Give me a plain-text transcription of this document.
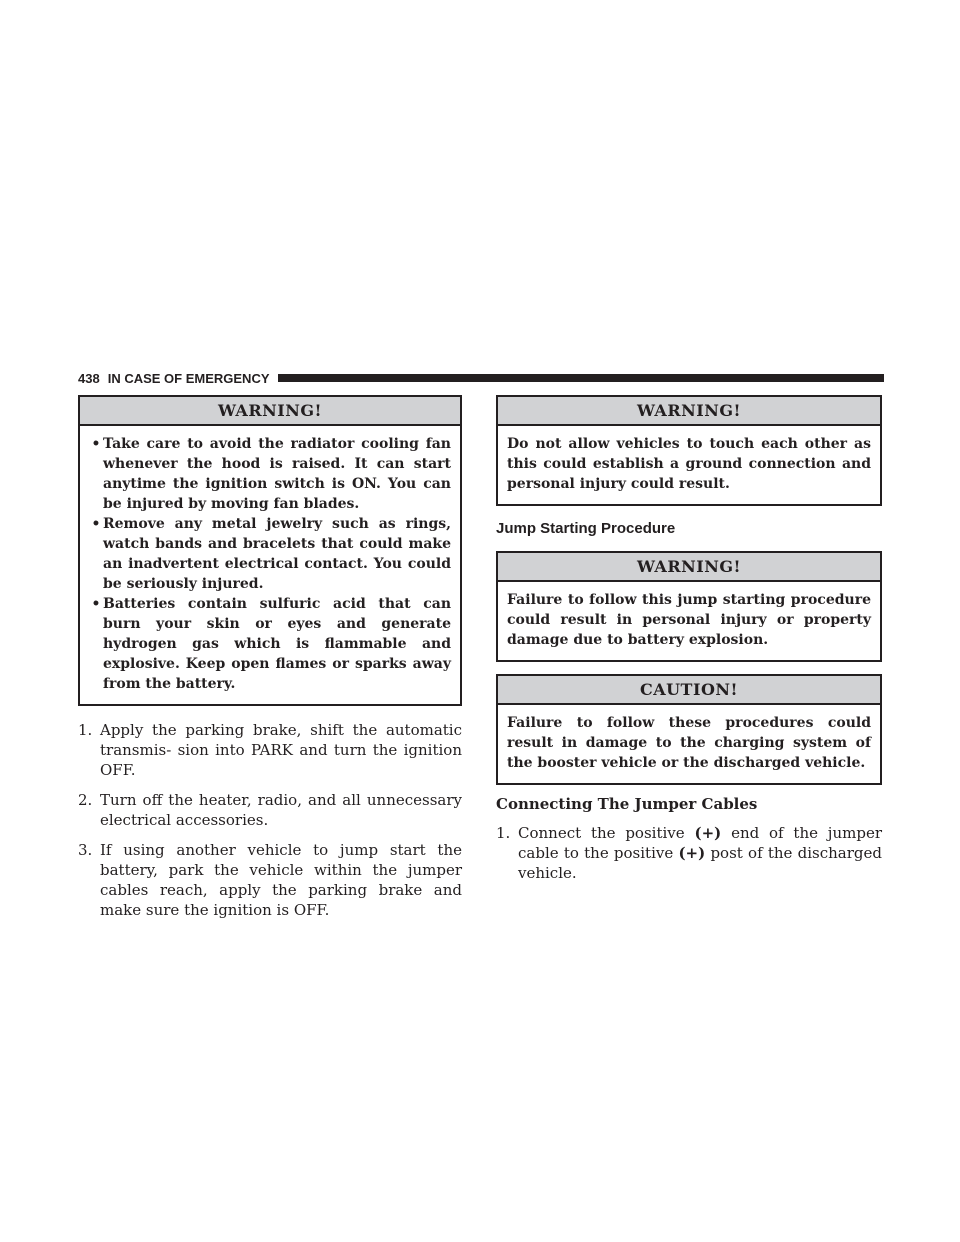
438 IN CASE OF EMERGENCY
WARNING!
• Take care to avoid the radiator cooling fan whenever the hood is raised. It can start anytime the ignition switch is ON. You can be injured by moving fan blades.
• Remove any metal jewelry such as rings, watch bands and bracelets that could make an inadvertent electrical contact. You could be seriously injured.
• Batteries contain sulfuric acid that can burn your skin or eyes and generate hydrogen gas which is flammable and explosive. Keep open flames or sparks away from the battery.
1. Apply the parking brake, shift the automatic transmis- sion into PARK and turn the ignition OFF.
2. Turn off the heater, radio, and all unnecessary electrical accessories.
3. If using another vehicle to jump start the battery, park the vehicle within the jumper cables reach, apply the parking brake and make sure the ignition is OFF.
WARNING!
Do not allow vehicles to touch each other as this could establish a ground connection and personal injury could result.
Jump Starting Procedure
WARNING!
Failure to follow this jump starting procedure could result in personal injury or property damage due to battery explosion.
CAUTION!
Failure to follow these procedures could result in damage to the charging system of the booster vehicle or the discharged vehicle.
Connecting The Jumper Cables
1. Connect the positive (+) end of the jumper cable to the positive (+) post of the discharged vehicle.
